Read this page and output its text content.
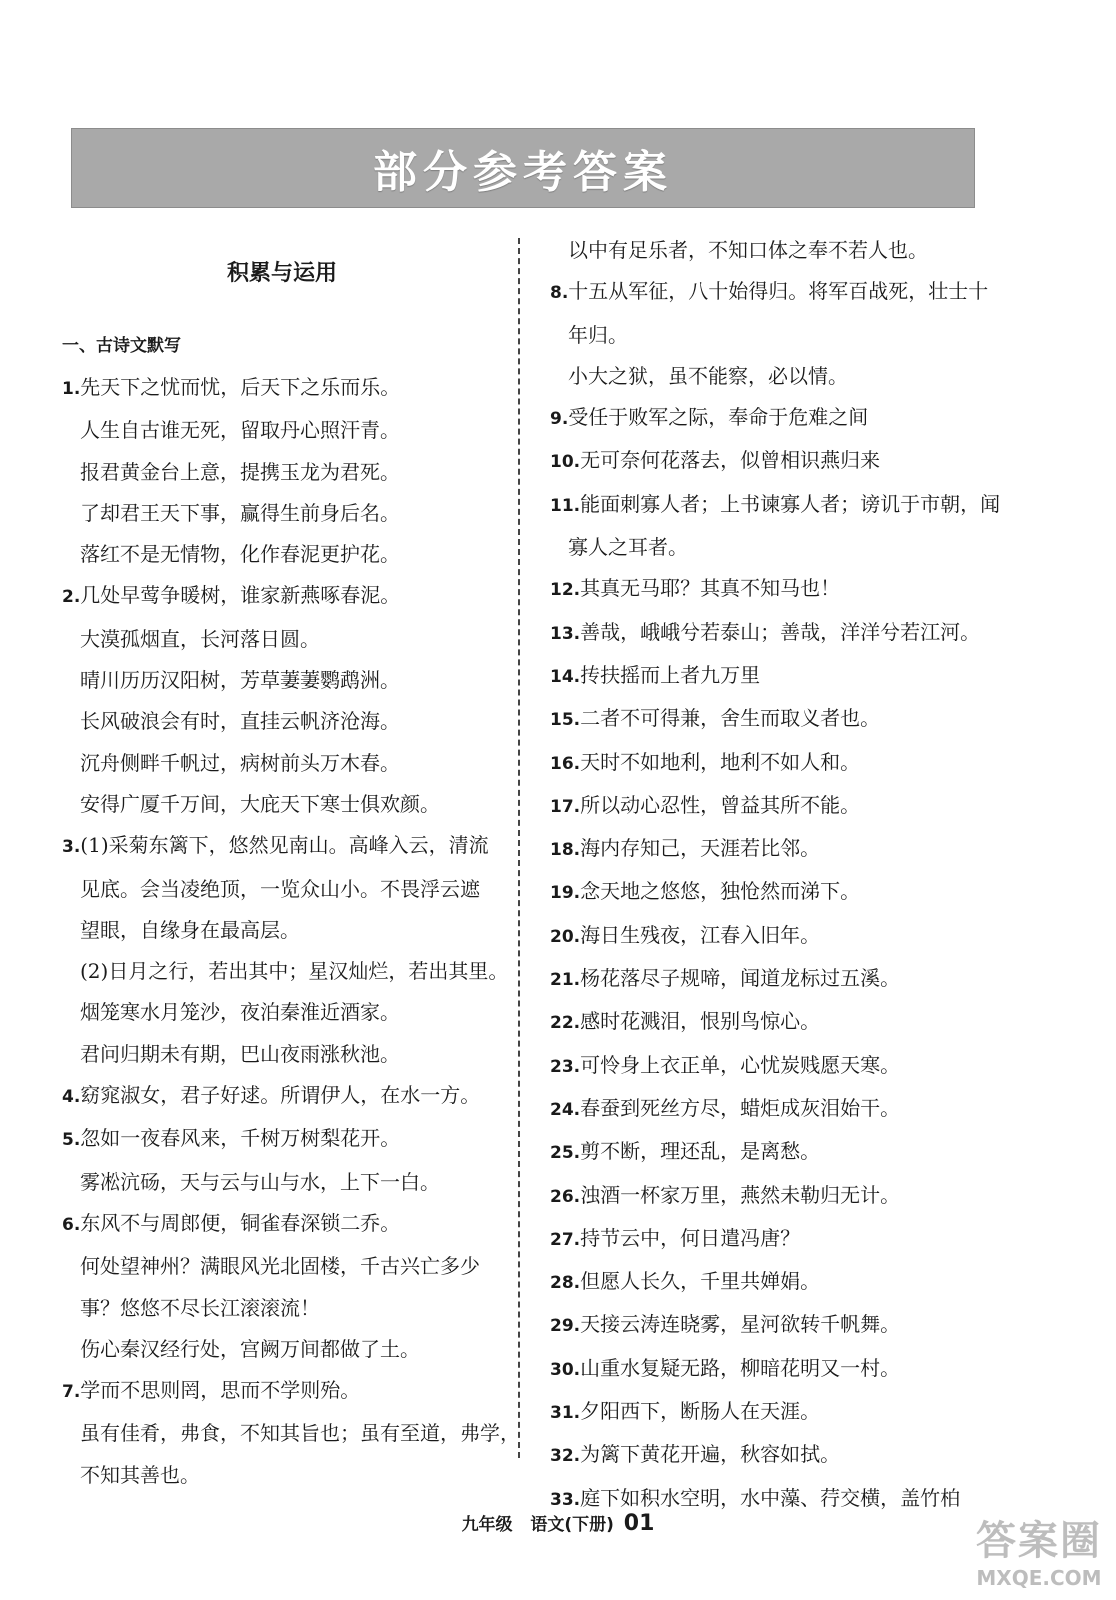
部分参考答案
积累与运用
一、古诗文默写
1.先天下之忧而忧，后天下之乐而乐。
人生自古谁无死，留取丹心照汗青。
报君黄金台上意，提携玉龙为君死。
了却君王天下事，赢得生前身后名。
落红不是无情物，化作春泥更护花。
2.几处早莺争暖树，谁家新燕啄春泥。
大漠孤烟直，长河落日圆。
晴川历历汉阳树，芳草萋萋鹦鹉洲。
长风破浪会有时，直挂云帆济沧海。
沉舟侧畔千帆过，病树前头万木春。
安得广厦千万间，大庇天下寒士俱欢颜。
3.(1)采菊东篱下，悠然见南山。高峰入云，清流
见底。会当凌绝顶，一览众山小。不畏浮云遮
望眼，自缘身在最高层。
(2)日月之行，若出其中；星汉灿烂，若出其里。
烟笼寒水月笼沙，夜泊秦淮近酒家。
君问归期未有期，巴山夜雨涨秋池。
4.窈窕淑女，君子好逑。所谓伊人，在水一方。
5.忽如一夜春风来，千树万树梨花开。
雾凇沆砀，天与云与山与水，上下一白。
6.东风不与周郎便，铜雀春深锁二乔。
何处望神州？满眼风光北固楼，千古兴亡多少
事？悠悠不尽长江滚滚流！
伤心秦汉经行处，宫阙万间都做了土。
7.学而不思则罔，思而不学则殆。
虽有佳肴，弗食，不知其旨也；虽有至道，弗学，
不知其善也。
以中有足乐者，不知口体之奉不若人也。
8.十五从军征，八十始得归。将军百战死，壮士十
年归。
小大之狱，虽不能察，必以情。
9.受任于败军之际，奉命于危难之间
10.无可奈何花落去，似曾相识燕归来
11.能面刺寡人者；上书谏寡人者；谤讥于市朝，闻
寡人之耳者。
12.其真无马耶？其真不知马也！
13.善哉，峨峨兮若泰山；善哉，洋洋兮若江河。
14.抟扶摇而上者九万里
15.二者不可得兼，舍生而取义者也。
16.天时不如地利，地利不如人和。
17.所以动心忍性，曾益其所不能。
18.海内存知己，天涯若比邻。
19.念天地之悠悠，独怆然而涕下。
20.海日生残夜，江春入旧年。
21.杨花落尽子规啼，闻道龙标过五溪。
22.感时花溅泪，恨别鸟惊心。
23.可怜身上衣正单，心忧炭贱愿天寒。
24.春蚕到死丝方尽，蜡炬成灰泪始干。
25.剪不断，理还乱，是离愁。
26.浊酒一杯家万里，燕然未勒归无计。
27.持节云中，何日遣冯唐？
28.但愿人长久，千里共婵娟。
29.天接云涛连晓雾，星河欲转千帆舞。
30.山重水复疑无路，柳暗花明又一村。
31.夕阳西下，断肠人在天涯。
32.为篱下黄花开遍，秋容如拭。
33.庭下如积水空明，水中藻、荇交横，盖竹柏
九年级 语文(下册) 01	答案圈
MXQE.COM
